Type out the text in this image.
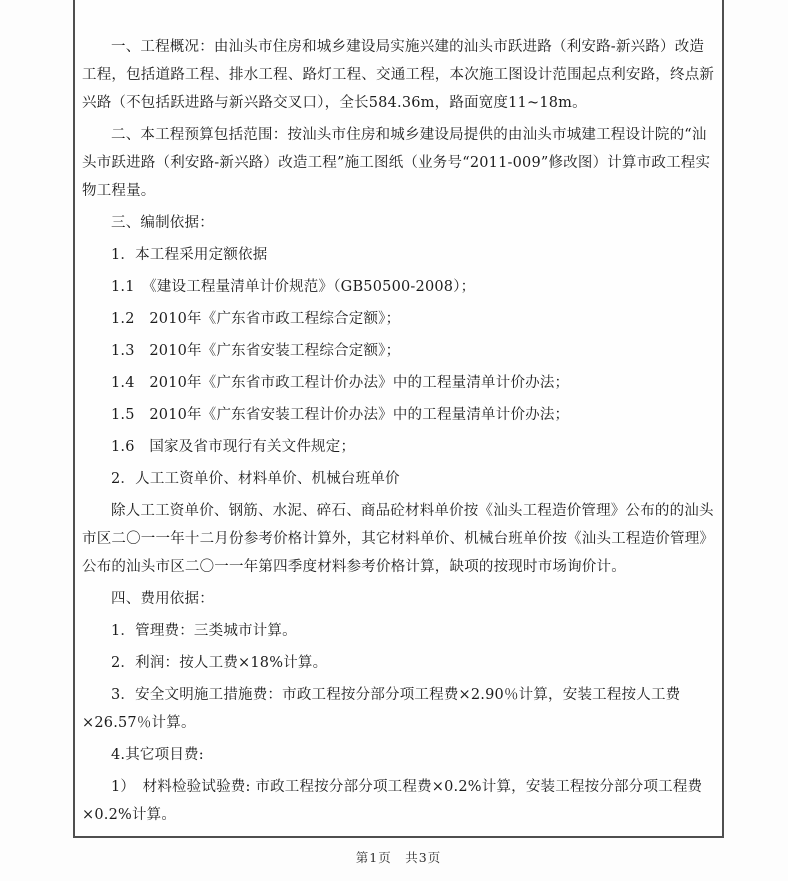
一、工程概况：由汕头市住房和城乡建设局实施兴建的汕头市跃进路（利安路-新兴路）改造工程，包括道路工程、排水工程、路灯工程、交通工程，本次施工图设计范围起点利安路，终点新兴路（不包括跃进路与新兴路交叉口），全长584.36m，路面宽度11~18m。

二、本工程预算包括范围：按汕头市住房和城乡建设局提供的由汕头市城建工程设计院的“汕头市跃进路（利安路-新兴路）改造工程”施工图纸（业务号“2011-009”修改图）计算市政工程实物工程量。

三、编制依据：

1．本工程采用定额依据

1.1　《建设工程量清单计价规范》（GB50500-2008）；

1.2　2010年《广东省市政工程综合定额》；

1.3　2010年《广东省安装工程综合定额》；

1.4　2010年《广东省市政工程计价办法》中的工程量清单计价办法；

1.5　2010年《广东省安装工程计价办法》中的工程量清单计价办法；

1.6　国家及省市现行有关文件规定；

2．人工工资单价、材料单价、机械台班单价

除人工工资单价、钢筋、水泥、碎石、商品砼材料单价按《汕头工程造价管理》公布的的汕头市区二〇一一年十二月份参考价格计算外，其它材料单价、机械台班单价按《汕头工程造价管理》公布的汕头市区二〇一一年第四季度材料参考价格计算，缺项的按现时市场询价计。

四、费用依据：

1．管理费：三类城市计算。

2．利润：按人工费×18%计算。

3．安全文明施工措施费：市政工程按分部分项工程费×2.90％计算，安装工程按人工费×26.57％计算。

4.其它项目费:

1）　材料检验试验费: 市政工程按分部分项工程费×0.2%计算，安装工程按分部分项工程费×0.2%计算。

第1页　共3页
